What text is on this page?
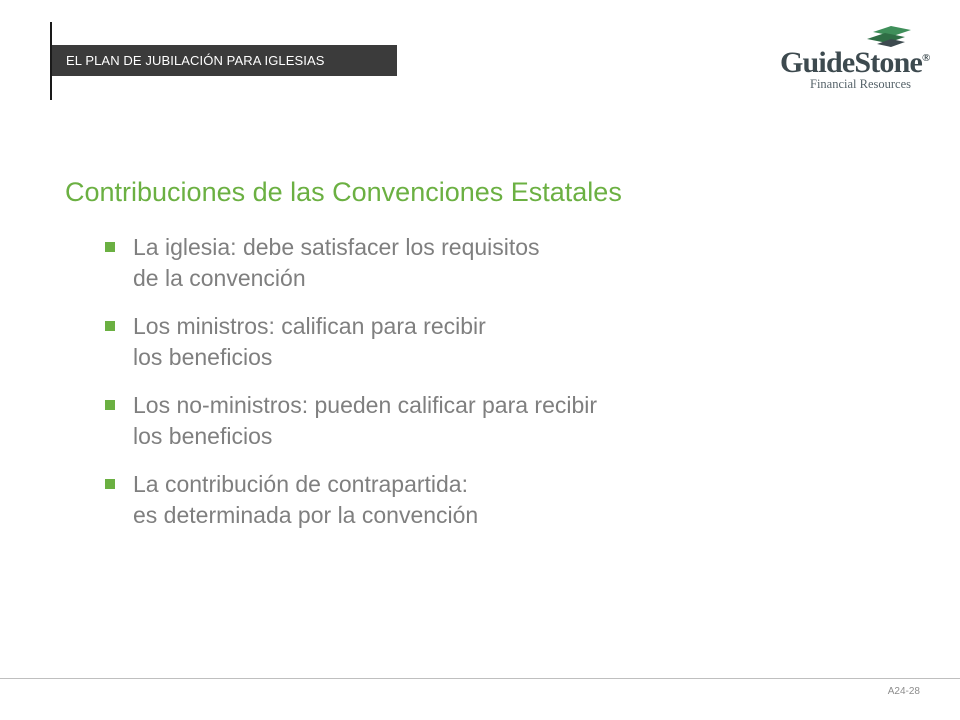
EL PLAN DE JUBILACIÓN PARA IGLESIAS	GuideStone®
Financial Resources
Contribuciones de las Convenciones Estatales
La iglesia: debe satisfacer los requisitos
de la convención
Los ministros: califican para recibir
los beneficios
Los no-ministros: pueden calificar para recibir
los beneficios
La contribución de contrapartida:
es determinada por la convención
A24-28
